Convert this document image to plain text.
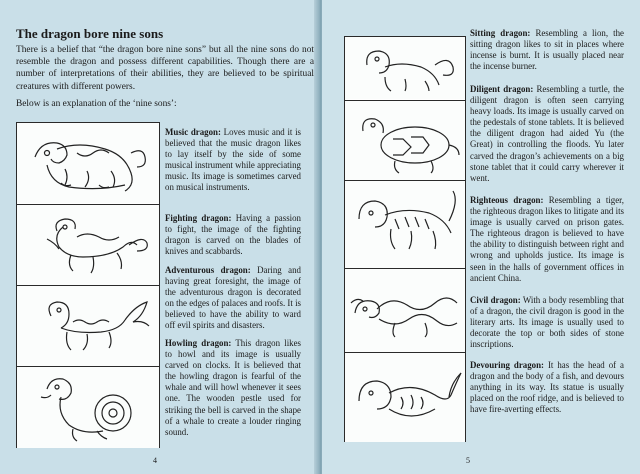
The dragon bore nine sons

There is a belief that “the dragon bore nine sons” but all the nine sons do not resemble the dragon and possess different capabilities. Though there are a number of interpretations of their abilities, they are believed to be spiritual creatures with different powers.

Below is an explanation of the ‘nine sons’:

Music dragon: Loves music and it is believed that the music dragon likes to lay itself by the side of some musical instrument while appreciating music. Its image is sometimes carved on musical instruments.

Fighting dragon: Having a passion to fight, the image of the fighting dragon is carved on the blades of knives and scabbards.

Adventurous dragon: Daring and having great foresight, the image of the adventurous dragon is decorated on the edges of palaces and roofs. It is believed to have the ability to ward off evil spirits and disasters.

Howling dragon: This dragon likes to howl and its image is usually carved on clocks. It is believed that the howling dragon is fearful of the whale and will howl whenever it sees one. The wooden pestle used for striking the bell is carved in the shape of a whale to create a louder ringing sound.

4

Sitting dragon: Resembling a lion, the sitting dragon likes to sit in places where incense is burnt. It is usually placed near the incense burner.

Diligent dragon: Resembling a turtle, the diligent dragon is often seen carrying heavy loads. Its image is usually carved on the pedestals of stone tablets. It is believed the diligent dragon had aided Yu (the Great) in controlling the floods. Yu later carved the dragon’s achievements on a big stone tablet that it could carry wherever it went.

Righteous dragon: Resembling a tiger, the righteous dragon likes to litigate and its image is usually carved on prison gates. The righteous dragon is believed to have the ability to distinguish between right and wrong and upholds justice. Its image is seen in the halls of government offices in ancient China.

Civil dragon: With a body resembling that of a dragon, the civil dragon is good in the literary arts. Its image is usually used to decorate the top or both sides of stone inscriptions.

Devouring dragon: It has the head of a dragon and the body of a fish, and devours anything in its way. Its statue is usually placed on the roof ridge, and is believed to have fire-averting effects.

5
